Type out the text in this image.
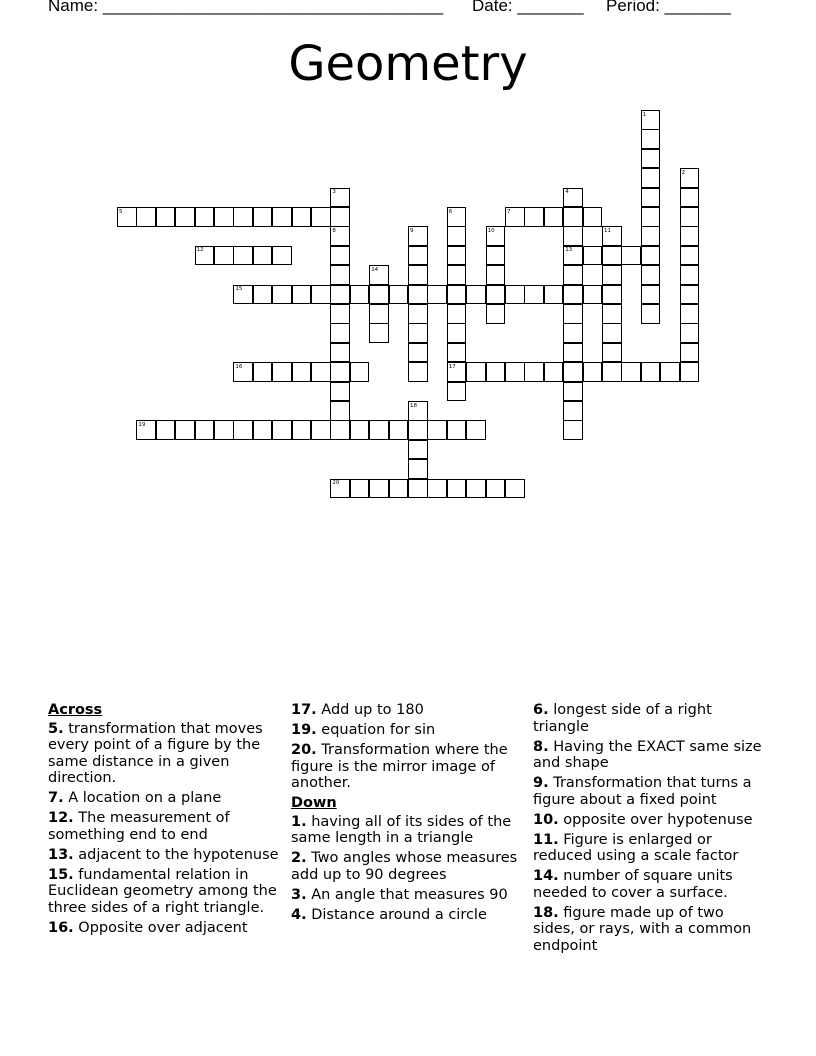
Name: ____________________________________ Date: _______ Period: _______
Geometry
1
2
3
8
4
13
5	6
17
7
9	10	11
12
14
15
16
18
19
20
Across
5. transformation that moves every point of a figure by the same distance in a given direction.
7. A location on a plane
12. The measurement of something end to end
13. adjacent to the hypotenuse
15. fundamental relation in Euclidean geometry among the three sides of a right triangle.
16. Opposite over adjacent
17. Add up to 180
19. equation for sin
20. Transformation where the figure is the mirror image of another.
Down
1. having all of its sides of the same length in a triangle
2. Two angles whose measures add up to 90 degrees
3. An angle that measures 90
4. Distance around a circle
6. longest side of a right triangle
8. Having the EXACT same size and shape
9. Transformation that turns a figure about a fixed point
10. opposite over hypotenuse
11. Figure is enlarged or reduced using a scale factor
14. number of square units needed to cover a surface.
18. figure made up of two sides, or rays, with a common endpoint
